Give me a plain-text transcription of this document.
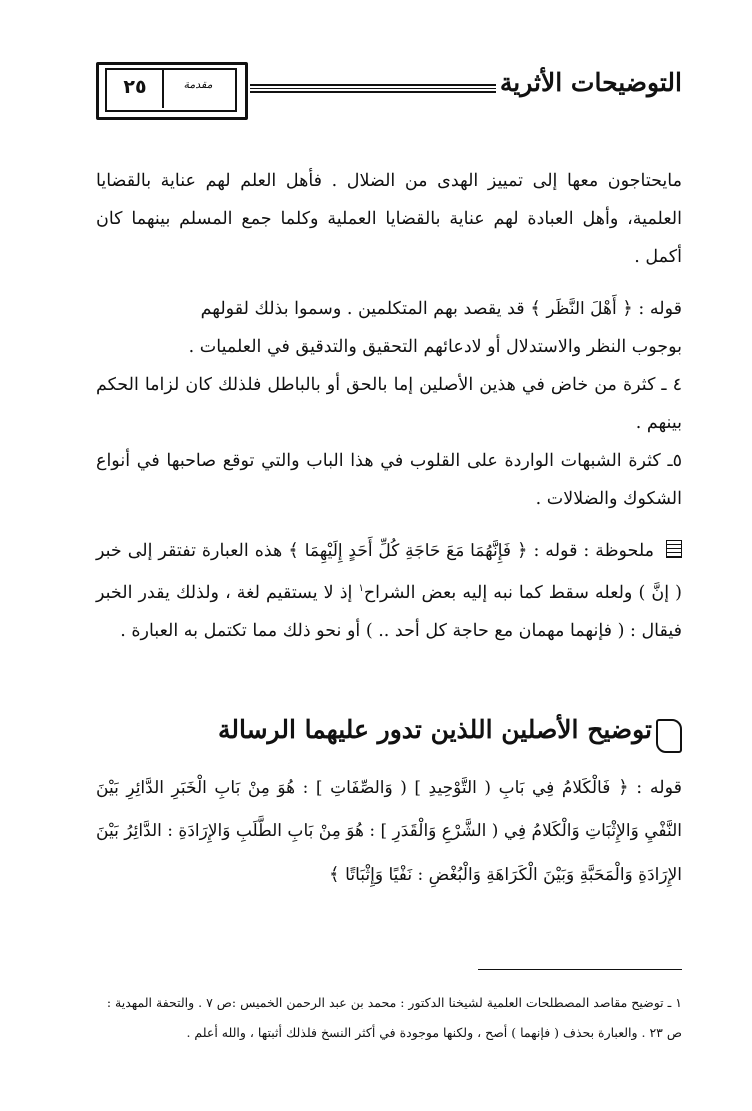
٢٥	مقدمة	التوضيحات الأثرية

مايحتاجون معها إلى تمييز الهدى من الضلال . فأهل العلم لهم عناية بالقضايا العلمية، وأهل العبادة لهم عناية بالقضايا العملية وكلما جمع المسلم بينهما كان أكمل .

قوله : ﴿ أَهْلَ النَّظَر ﴾ قد يقصد بهم المتكلمين . وسموا بذلك لقولهم

بوجوب النظر والاستدلال أو لادعائهم التحقيق والتدقيق في العلميات .

٤ ـ كثرة من خاض في هذين الأصلين إما بالحق أو بالباطل فلذلك كان لزاما الحكم بينهم .

٥ـ كثرة الشبهات الواردة على القلوب في هذا الباب والتي توقع صاحبها في أنواع الشكوك والضلالات .

ملحوظة : قوله : ﴿ فَإِنَّهُمَا مَعَ حَاجَةِ كُلِّ أَحَدٍ إِلَيْهِمَا ﴾ هذه العبارة تفتقر إلى خبر ( إنَّ ) ولعله سقط كما نبه إليه بعض الشراح$^١$ إذ لا يستقيم لغة ، ولذلك يقدر الخبر فيقال : ( فإنهما مهمان مع حاجة كل أحد .. ) أو نحو ذلك مما تكتمل به العبارة .

توضيح الأصلين اللذين تدور عليهما الرسالة

قوله : ﴿ فَالْكَلامُ فِي بَابِ ( التَّوْحِيدِ ] ( وَالصِّفَاتِ ] : هُوَ مِنْ بَابِ الْخَبَرِ الدَّائِرِ بَيْنَ النَّفْيِ وَالإِثْبَاتِ وَالْكَلامُ فِي ( الشَّرْعِ وَالْقَدَرِ ] : هُوَ مِنْ بَابِ الطَّلَبِ وَالإِرَادَةِ : الدَّائِرُ بَيْنَ الإِرَادَةِ وَالْمَحَبَّةِ وَبَيْنَ الْكَرَاهَةِ وَالْبُغْضِ : نَفْيًا وَإِثْبَاتًا ﴾

١ ـ توضيح مقاصد المصطلحات العلمية لشيخنا الدكتور : محمد بن عبد الرحمن الخميس :ص ٧ . والتحفة المهدية :

ص ٢٣ . والعبارة بحذف ( فإنهما ) أصح ، ولكنها موجودة في أكثر النسخ فلذلك أثبتها ، والله أعلم .
